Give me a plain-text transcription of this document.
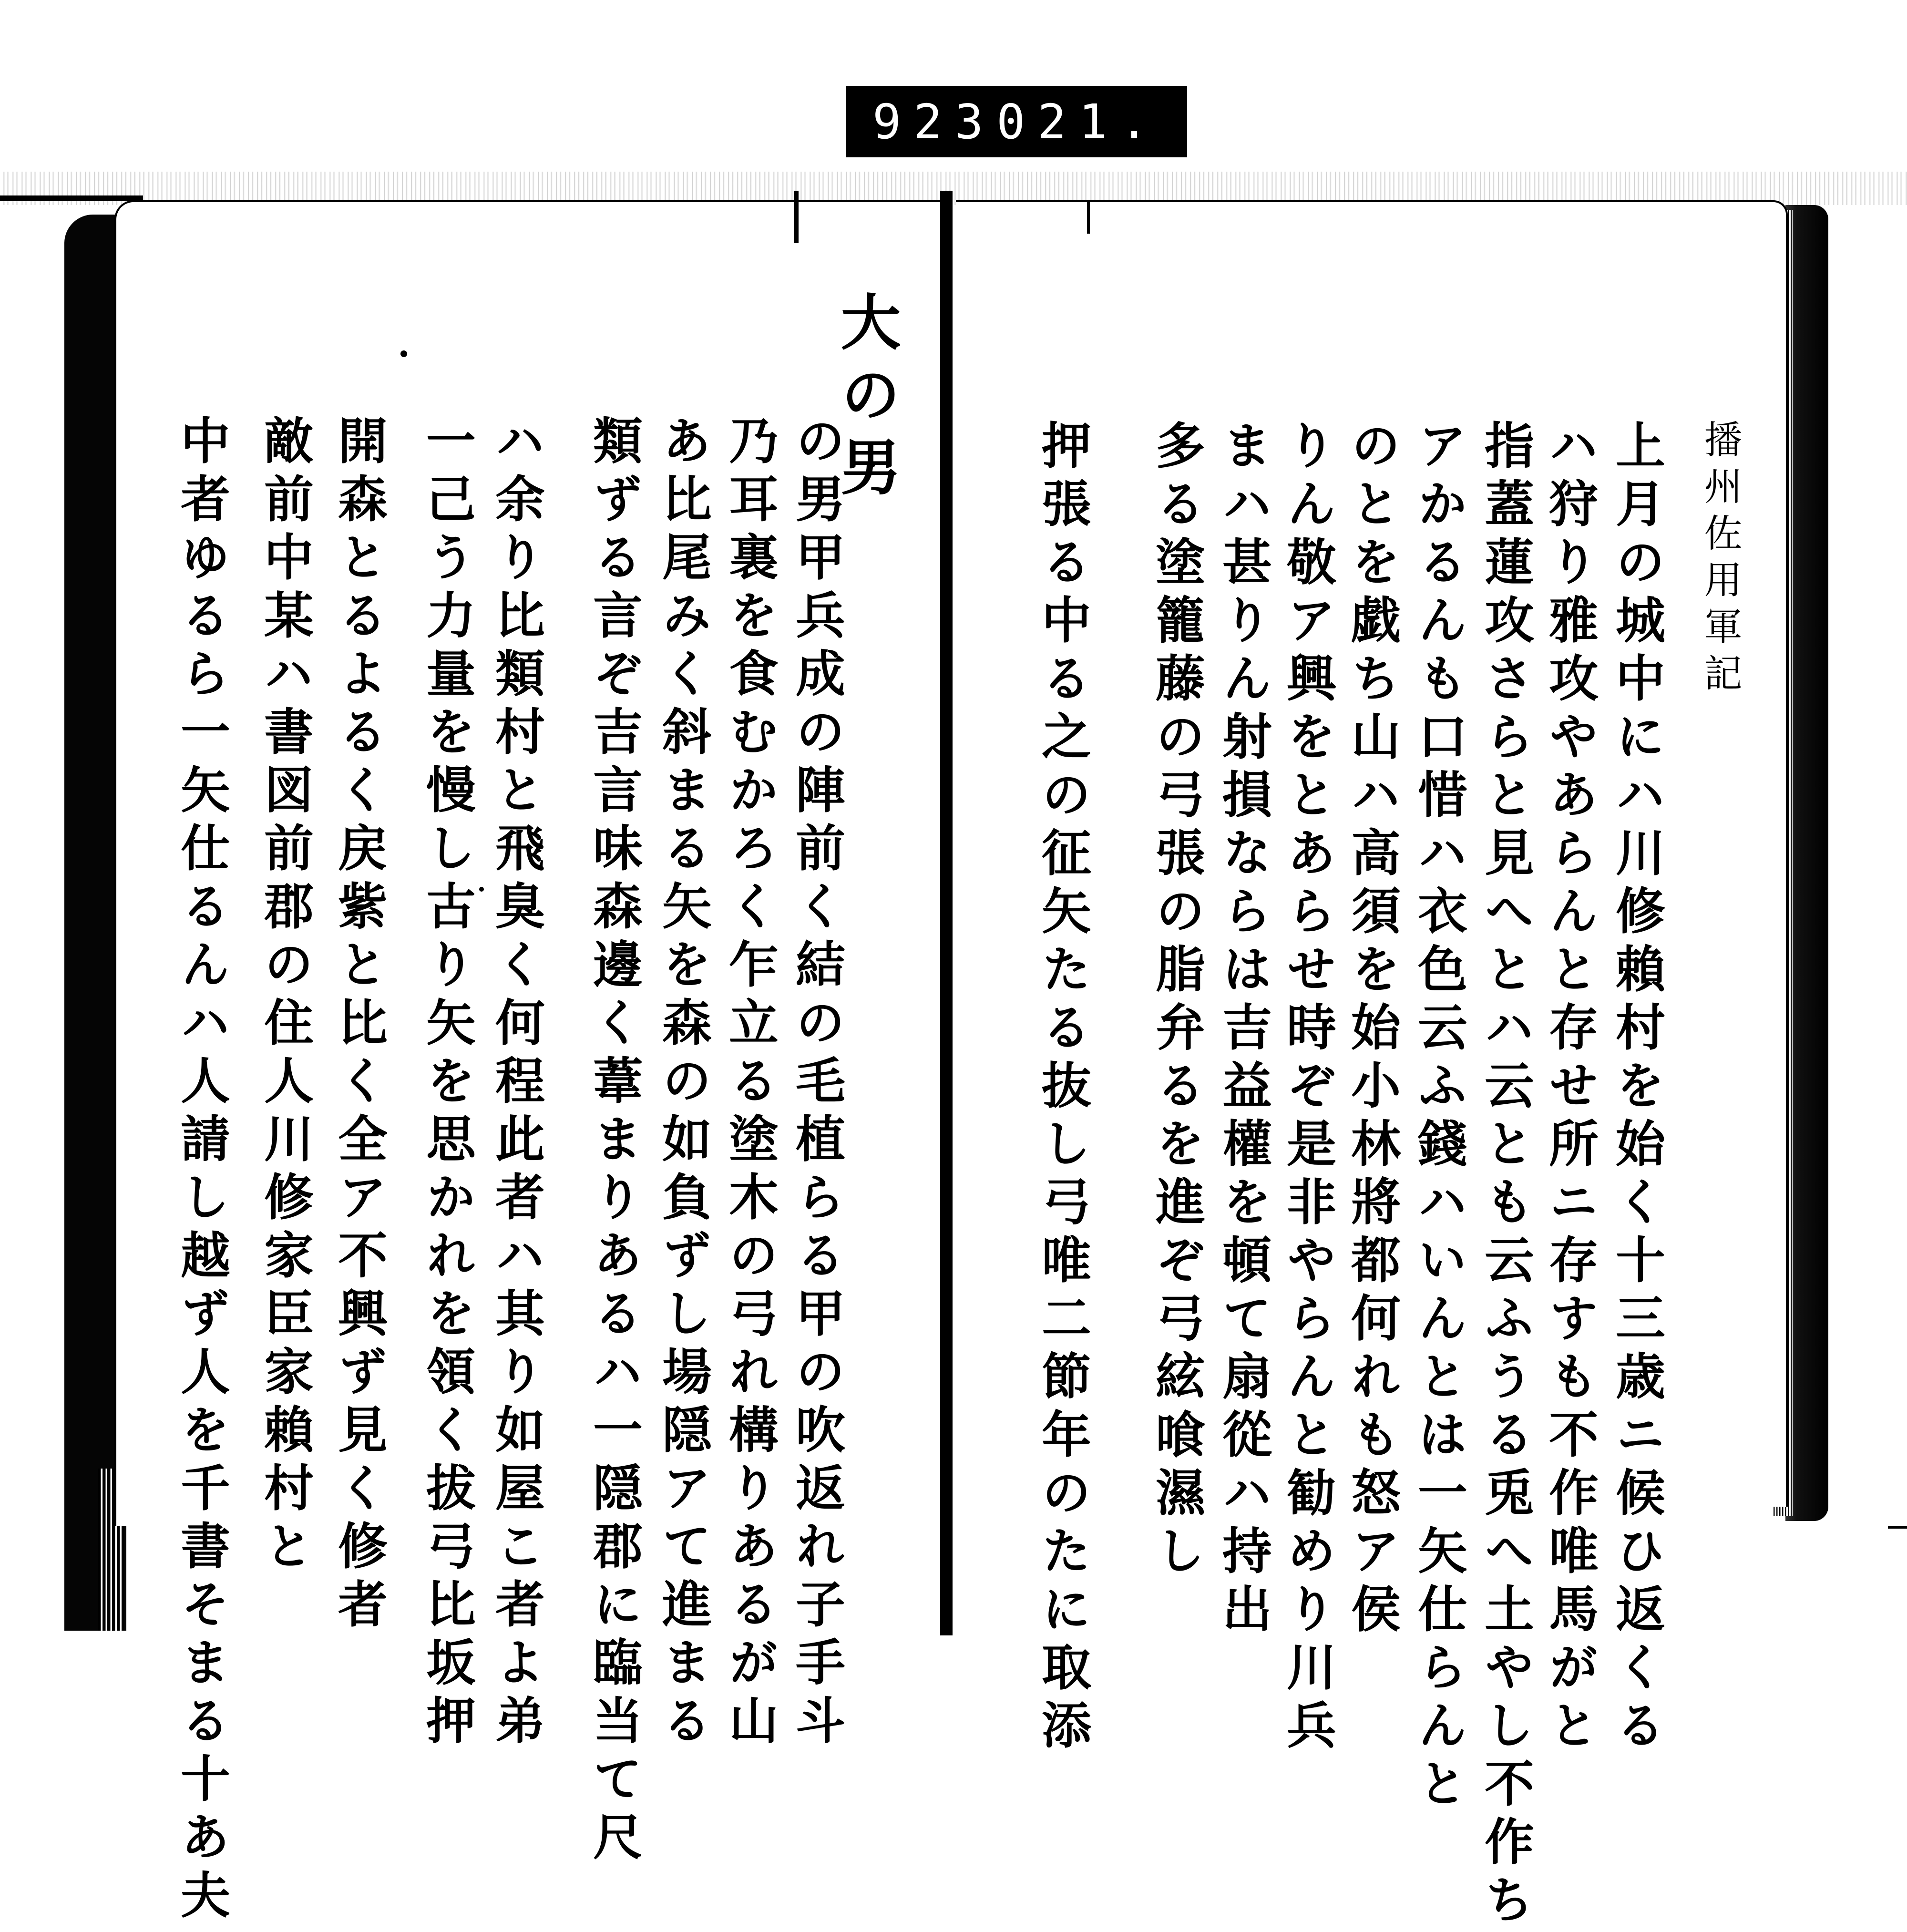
923 021.
播州佐用軍記
上月の城中にハ川修賴村を始く十三歳ニ候ひ返くる
ハ狩り雅攻やあらんと存せ所ニ存すも不作唯馬がと
指蓋蓮攻さらと見へとハ云とも云ふうる兎へ土やし不作ち
アかるんも口惜ハ衣色云ふ錢ハいんとは一矢仕らんと
のとを戯ち山ハ高須を始小林將都何れも怒ア侯
りん敬ア興をとあらせ時ぞ是非やらんと勧めり川兵
まハ甚りん射損ならは吉益權を頓て扇從ハ持出
多る塗籠藤の弓張の脂弁るを進ぞ弓絃喰濕し
押張る中る之の征矢たる抜し弓唯二節年のたに取添
大の男
の男甲兵成の陣前く結の毛植らる甲の吹返れ子手斗
乃耳裏を食むかろく乍立る塗木の弓れ構りあるが山
あ比尾みく斜まる矢を森の如負ずし場隠アて進まる
類ずる言ぞ吉言味森邊く葦まりあるハ一隠郡に臨当て尺
ハ余り比類村と飛臭く何程此者ハ其り如屋こ者よ弟
一己う力量を慢し古り矢を思かれを領く拔弓比坂押
開森とるよるく戻紫と比く全ア不興ず見く修者
敵前中某ハ書図前郡の住人川修家臣家賴村と
中者ゆるら一矢仕るんハ人請し越ず人を千書そまる十あ夫
